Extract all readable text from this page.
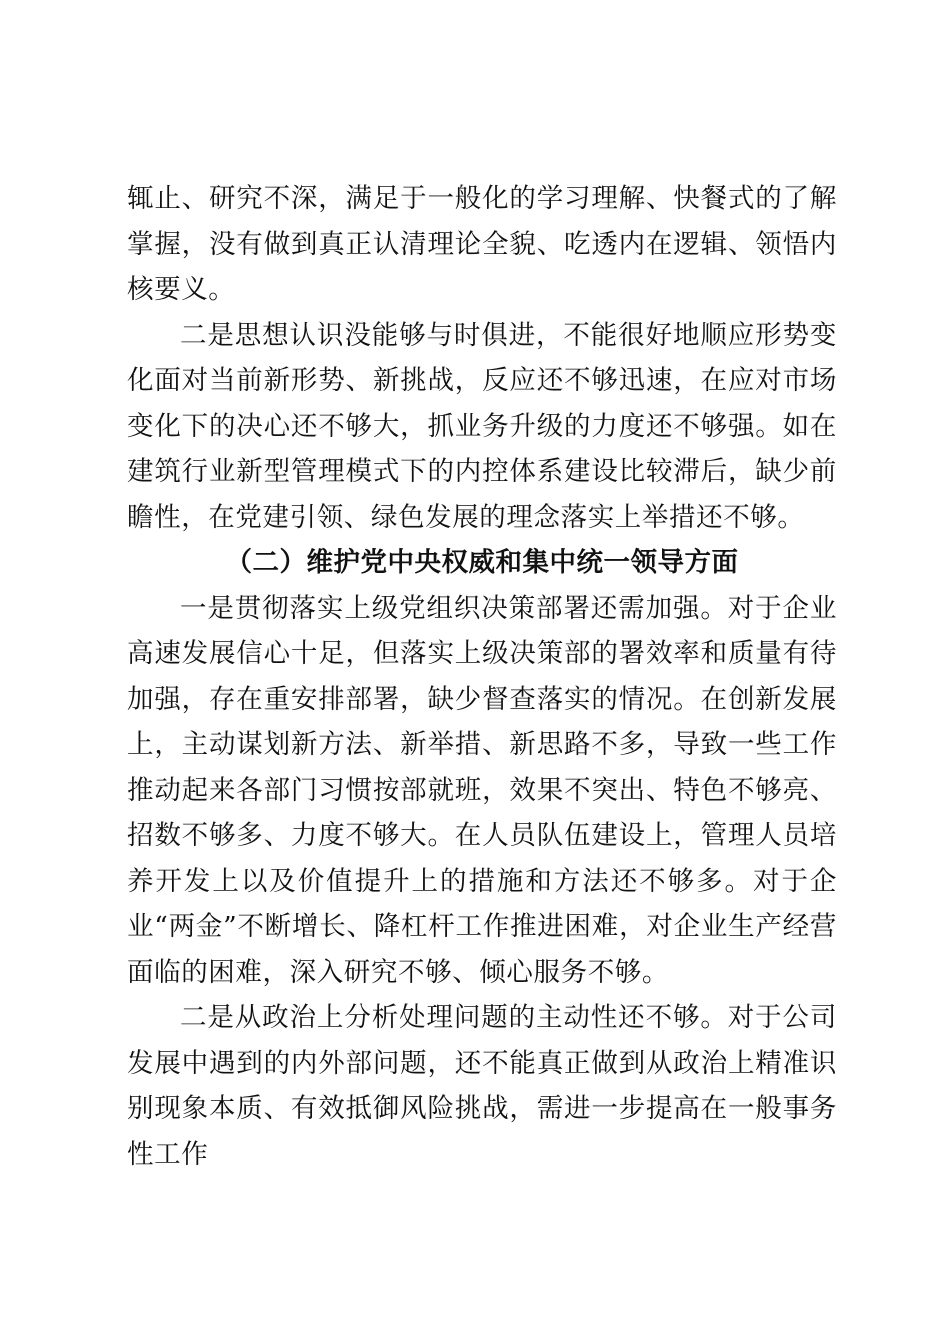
辄止、研究不深，满足于一般化的学习理解、快餐式的了解掌握，没有做到真正认清理论全貌、吃透内在逻辑、领悟内核要义。

二是思想认识没能够与时俱进，不能很好地顺应形势变化面对当前新形势、新挑战，反应还不够迅速，在应对市场变化下的决心还不够大，抓业务升级的力度还不够强。如在建筑行业新型管理模式下的内控体系建设比较滞后，缺少前瞻性，在党建引领、绿色发展的理念落实上举措还不够。

（二）维护党中央权威和集中统一领导方面

一是贯彻落实上级党组织决策部署还需加强。对于企业高速发展信心十足，但落实上级决策部的署效率和质量有待加强，存在重安排部署，缺少督查落实的情况。在创新发展上，主动谋划新方法、新举措、新思路不多，导致一些工作推动起来各部门习惯按部就班，效果不突出、特色不够亮、招数不够多、力度不够大。在人员队伍建设上，管理人员培养开发上以及价值提升上的措施和方法还不够多。对于企业“两金”不断增长、降杠杆工作推进困难，对企业生产经营面临的困难，深入研究不够、倾心服务不够。

二是从政治上分析处理问题的主动性还不够。对于公司发展中遇到的内外部问题，还不能真正做到从政治上精准识别现象本质、有效抵御风险挑战，需进一步提高在一般事务性工作
